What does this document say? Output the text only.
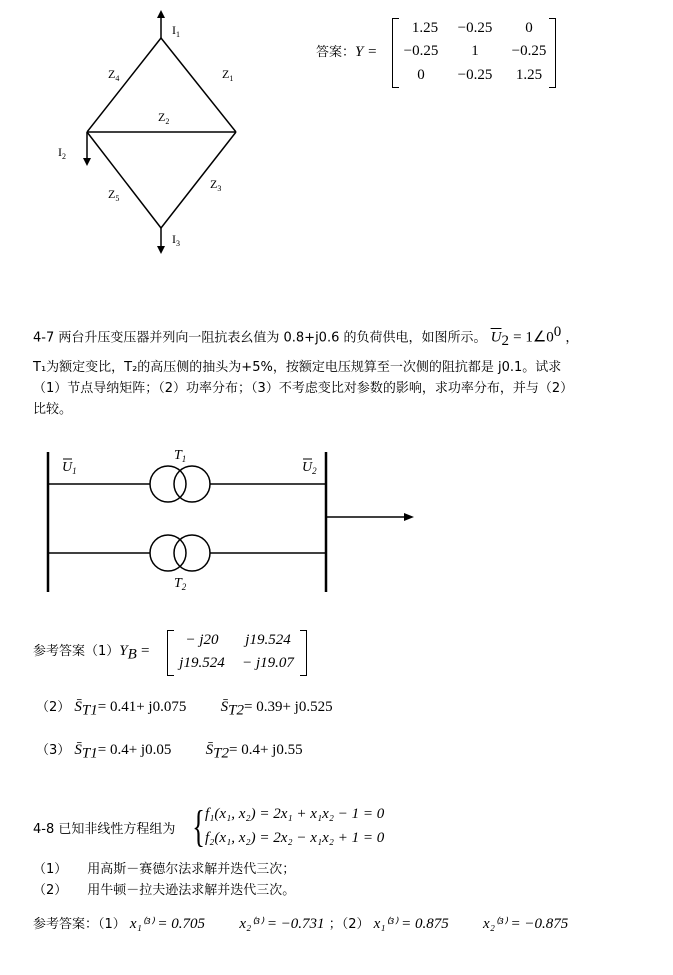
$I_1$
$I_2$
$I_3$
$Z_4$	$Z_1$
$Z_2$
$Z_5$
$Z_3$
答案：Y =
1.25 −0.25 0
−0.25 1 −0.25
0 −0.25 1.25
4-7 两台升压变压器并列向一阻抗表幺值为 0.8+j0.6 的负荷供电，如图所示。 $\overline{U}_2$ = $1\angle 0^0$ ，
T₁为额定变比，T₂的高压侧的抽头为+5%，按额定电压规算至一次侧的阻抗都是 j0.1。试求
（1）节点导纳矩阵；（2）功率分布；（3）不考虑变比对参数的影响，求功率分布，并与（2）
比较。
$U_1$	$U_2$
$T_1$
$T_2$
参考答案$(1)Y_B$ =
− j20 j19.524
j19.524 − j19.07
（2） $S̄_{T1}= 0.41+ j0.075$ $S̄_{T2}= 0.39+ j0.525$
（3） $S̄_{T1}= 0.4+ j0.05$ $S̄_{T2}= 0.4+ j0.55$
4-8 已知非线性方程组为 { f₁(x₁, x₂) = 2x₁ + x₁x₂ − 1 = 0
f₂(x₁, x₂) = 2x₂ − x₁x₂ + 1 = 0
（1） 用高斯－赛德尔法求解并迭代三次；
（2） 用牛顿－拉夫逊法求解并迭代三次。
参考答案：（1） x₁⁽³⁾ = 0.705 x₂⁽³⁾ = −0.731 ；（2） x₁⁽³⁾ = 0.875 x₂⁽³⁾ = −0.875
